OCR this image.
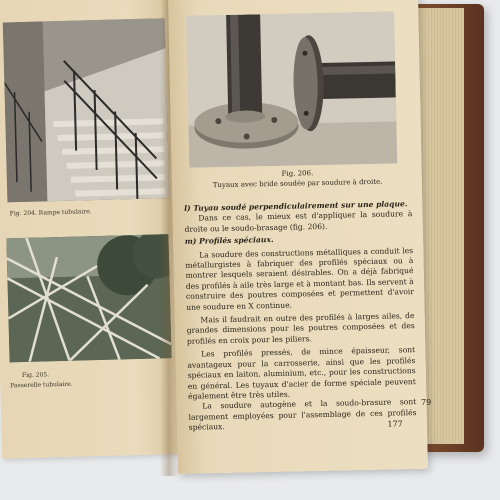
Fig. 204. Rampe tubulaire.
Fig. 205.
Passerelle tubulaire.
Fig. 206.
Tuyaux avec bride soudée par soudure à droite.
l) Tuyau soudé perpendiculairement sur une plaque.
Dans ce cas, le mieux est d'appliquer la soudure à droite ou le soudo-brasage (fig. 206).
m) Profilés spéciaux.
La soudure des constructions métalliques a conduit les métallurgistes à fabriquer des profilés spéciaux ou à montrer lesquels seraient désirables. On a déjà fabriqué des profilés à aile très large et à montant bas. Ils servent à construire des poutres composées et permettent d'avoir une soudure en X continue.
Mais il faudrait en outre des profilés à larges ailes, de grandes dimensions pour les poutres composées et des profilés en croix pour les piliers.
Les profilés pressés, de mince épaisseur, sont avantageux pour la carrosserie, ainsi que les profilés spéciaux en laiton, aluminium, etc., pour les constructions en général. Les tuyaux d'acier de forme spéciale peuvent également être très utiles.
La soudure autogène et la soudo-brasure sont largement employées pour l'assemblage de ces profilés spéciaux.	177
79
